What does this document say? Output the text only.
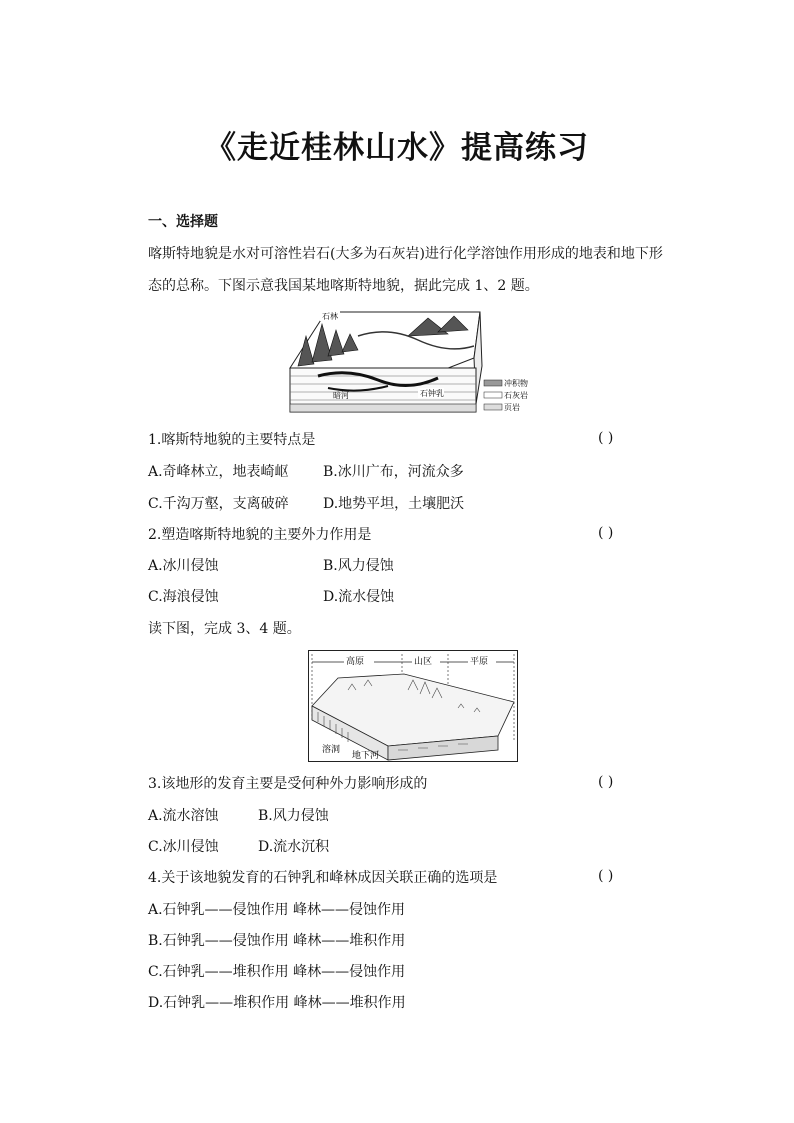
《走近桂林山水》提高练习
一、选择题
喀斯特地貌是水对可溶性岩石(大多为石灰岩)进行化学溶蚀作用形成的地表和地下形
态的总称。下图示意我国某地喀斯特地貌，据此完成 1、2 题。
石林
暗河	石钟乳
冲积物
石灰岩
页岩
1.喀斯特地貌的主要特点是	( )
A.奇峰林立，地表崎岖 B.冰川广布，河流众多
C.千沟万壑，支离破碎 D.地势平坦，土壤肥沃
2.塑造喀斯特地貌的主要外力作用是	( )
A.冰川侵蚀	B.风力侵蚀
C.海浪侵蚀	D.流水侵蚀
读下图，完成 3、4 题。
高原	山区	平原
溶洞
地下河
3.该地形的发育主要是受何种外力影响形成的	( )
A.流水溶蚀	B.风力侵蚀
C.冰川侵蚀	D.流水沉积
4.关于该地貌发育的石钟乳和峰林成因关联正确的选项是	( )
A.石钟乳——侵蚀作用 峰林——侵蚀作用
B.石钟乳——侵蚀作用 峰林——堆积作用
C.石钟乳——堆积作用 峰林——侵蚀作用
D.石钟乳——堆积作用 峰林——堆积作用
